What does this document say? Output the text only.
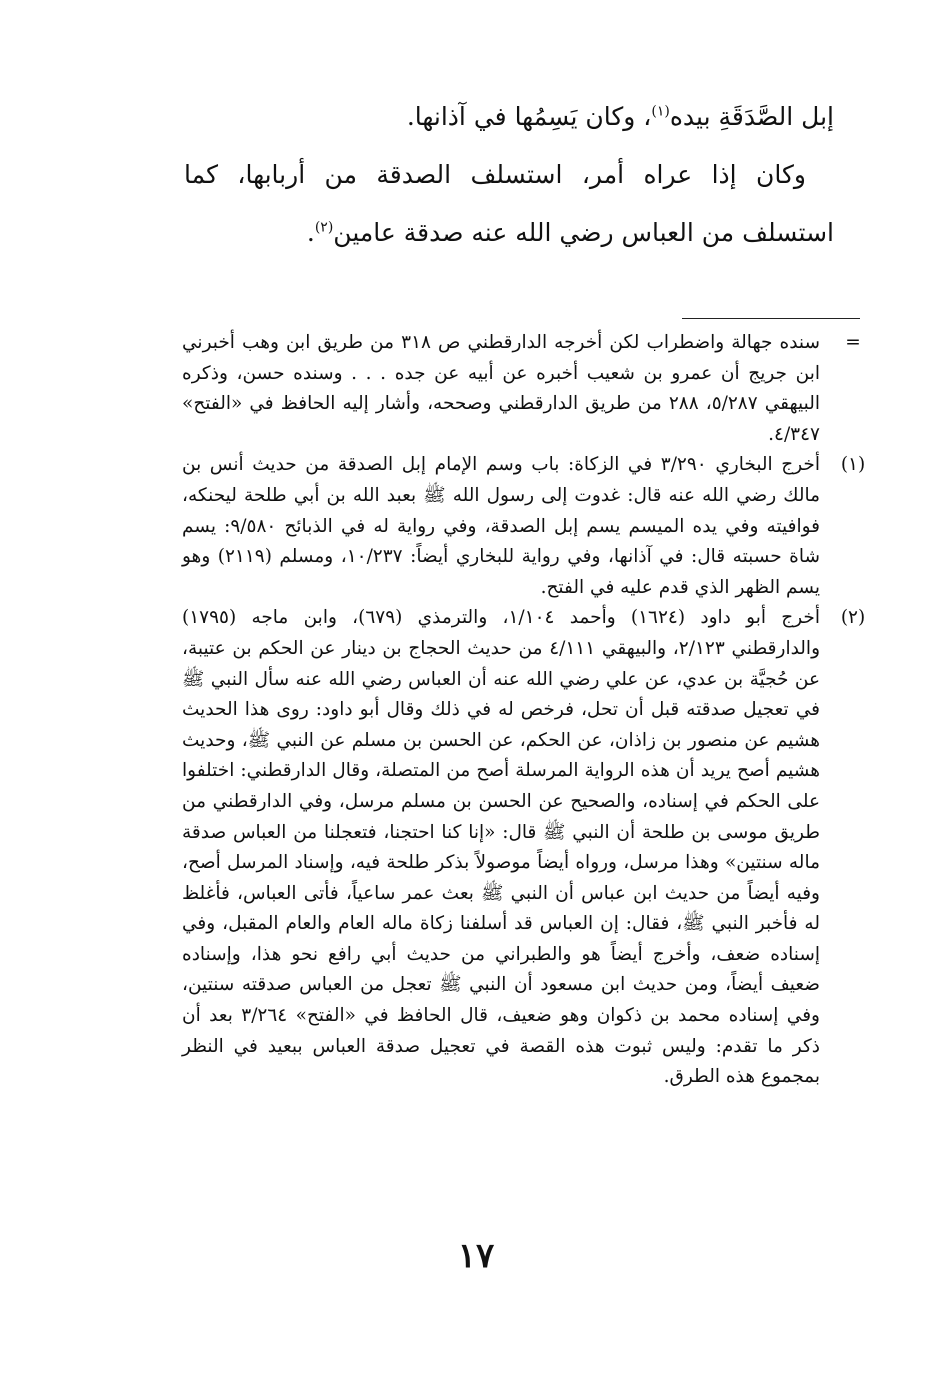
إبل الصَّدَقَةِ بيده$^{(١)}$، وكان يَسِمُها في آذانها.

وكان إذا عراه أمر، استسلف الصدقة من أربابها، كما استسلف من العباس رضي الله عنه صدقة عامين$^{(٢)}$.

=
سنده جهالة واضطراب لكن أخرجه الدارقطني ص ٣١٨ من طريق ابن وهب أخبرني ابن جريج أن عمرو بن شعيب أخبره عن أبيه عن جده . . . وسنده حسن، وذكره البيهقي ٥/٢٨٧، ٢٨٨ من طريق الدارقطني وصححه، وأشار إليه الحافظ في «الفتح» ٤/٣٤٧.
(١)
أخرج البخاري ٣/٢٩٠ في الزكاة: باب وسم الإمام إبل الصدقة من حديث أنس بن مالك رضي الله عنه قال: غدوت إلى رسول الله ﷺ بعبد الله بن أبي طلحة ليحنكه، فوافيته وفي يده الميسم يسم إبل الصدقة، وفي رواية له في الذبائح ٩/٥٨٠: يسم شاة حسبته قال: في آذانها، وفي رواية للبخاري أيضاً: ١٠/٢٣٧، ومسلم (٢١١٩) وهو يسم الظهر الذي قدم عليه في الفتح.
(٢)
أخرج أبو داود (١٦٢٤) وأحمد ١/١٠٤، والترمذي (٦٧٩)، وابن ماجه (١٧٩٥) والدارقطني ٢/١٢٣، والبيهقي ٤/١١١ من حديث الحجاج بن دينار عن الحكم بن عتيبة، عن حُجيَّة بن عدي، عن علي رضي الله عنه أن العباس رضي الله عنه سأل النبي ﷺ في تعجيل صدقته قبل أن تحل، فرخص له في ذلك وقال أبو داود: روى هذا الحديث هشيم عن منصور بن زاذان، عن الحكم، عن الحسن بن مسلم عن النبي ﷺ، وحديث هشيم أصح يريد أن هذه الرواية المرسلة أصح من المتصلة، وقال الدارقطني: اختلفوا على الحكم في إسناده، والصحيح عن الحسن بن مسلم مرسل، وفي الدارقطني من طريق موسى بن طلحة أن النبي ﷺ قال: «إنا كنا احتجنا، فتعجلنا من العباس صدقة ماله سنتين» وهذا مرسل، ورواه أيضاً موصولاً بذكر طلحة فيه، وإسناد المرسل أصح، وفيه أيضاً من حديث ابن عباس أن النبي ﷺ بعث عمر ساعياً، فأتى العباس، فأغلظ له فأخبر النبي ﷺ، فقال: إن العباس قد أسلفنا زكاة ماله العام والعام المقبل، وفي إسناده ضعف، وأخرج أيضاً هو والطبراني من حديث أبي رافع نحو هذا، وإسناده ضعيف أيضاً، ومن حديث ابن مسعود أن النبي ﷺ تعجل من العباس صدقته سنتين، وفي إسناده محمد بن ذكوان وهو ضعيف، قال الحافظ في «الفتح» ٣/٢٦٤ بعد أن ذكر ما تقدم: وليس ثبوت هذه القصة في تعجيل صدقة العباس ببعيد في النظر بمجموع هذه الطرق.
١٧
